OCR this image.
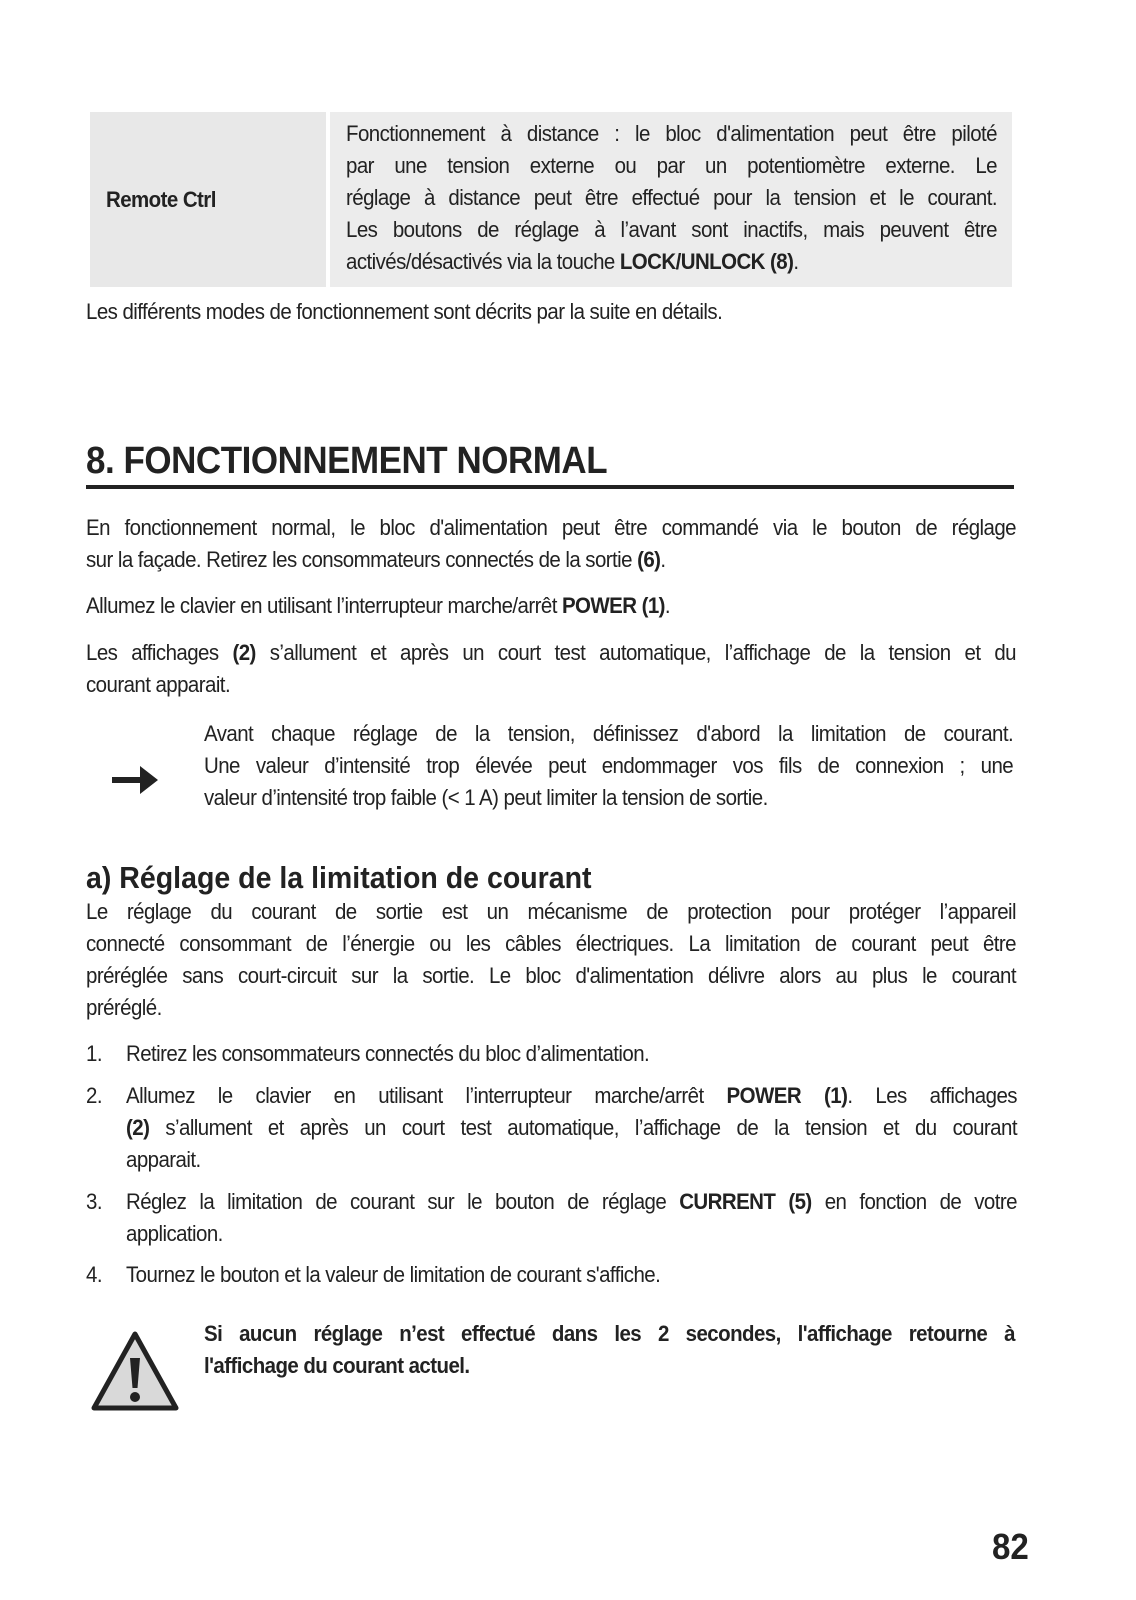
Remote Ctrl
Fonctionnement à distance : le bloc d'alimentation peut être piloté
par une tension externe ou par un potentiomètre externe. Le
réglage à distance peut être effectué pour la tension et le courant.
Les boutons de réglage à l’avant sont inactifs, mais peuvent être
activés/désactivés via la touche LOCK/UNLOCK (8).
Les différents modes de fonctionnement sont décrits par la suite en détails.
8. FONCTIONNEMENT NORMAL
En fonctionnement normal, le bloc d'alimentation peut être commandé via le bouton de réglage
sur la façade. Retirez les consommateurs connectés de la sortie (6).
Allumez le clavier en utilisant l’interrupteur marche/arrêt POWER (1).
Les affichages (2) s’allument et après un court test automatique, l’affichage de la tension et du
courant apparait.
Avant chaque réglage de la tension, définissez d'abord la limitation de courant.
Une valeur d’intensité trop élevée peut endommager vos fils de connexion ; une
valeur d’intensité trop faible (< 1 A) peut limiter la tension de sortie.
a) Réglage de la limitation de courant
Le réglage du courant de sortie est un mécanisme de protection pour protéger l’appareil
connecté consommant de l’énergie ou les câbles électriques. La limitation de courant peut être
préréglée sans court-circuit sur la sortie. Le bloc d'alimentation délivre alors au plus le courant
préréglé.
1. Retirez les consommateurs connectés du bloc d’alimentation.
2. Allumez le clavier en utilisant l’interrupteur marche/arrêt POWER (1). Les affichages
(2) s’allument et après un court test automatique, l’affichage de la tension et du courant
apparait.
3. Réglez la limitation de courant sur le bouton de réglage CURRENT (5) en fonction de votre
application.
4. Tournez le bouton et la valeur de limitation de courant s'affiche.
Si aucun réglage n’est effectué dans les 2 secondes, l'affichage retourne à
l'affichage du courant actuel.
82
